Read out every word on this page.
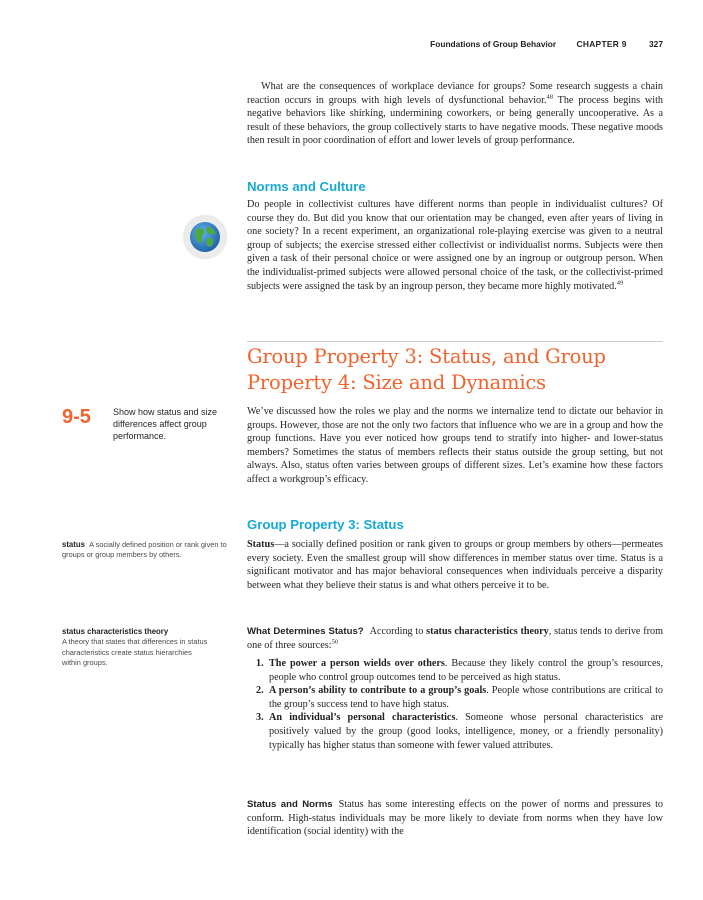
Foundations of Group Behavior CHAPTER 9	327

What are the consequences of workplace deviance for groups? Some research suggests a chain reaction occurs in groups with high levels of dysfunctional behavior.$^{48}$ The process begins with negative behaviors like shirking, undermining coworkers, or being generally uncooperative. As a result of these behaviors, the group collectively starts to have negative moods. These negative moods then result in poor coordination of effort and lower levels of group performance.

Norms and Culture

Do people in collectivist cultures have different norms than people in individualist cultures? Of course they do. But did you know that our orientation may be changed, even after years of living in one society? In a recent experiment, an organizational role-playing exercise was given to a neutral group of subjects; the exercise stressed either collectivist or individualist norms. Subjects were then given a task of their personal choice or were assigned one by an ingroup or outgroup person. When the individualist-primed subjects were allowed personal choice of the task, or the collectivist-primed subjects were assigned the task by an ingroup person, they became more highly motivated.$^{49}$

Group Property 3: Status, and Group
Property 4: Size and Dynamics
9-5 Show how status and size differences affect group performance.

We’ve discussed how the roles we play and the norms we internalize tend to dictate our behavior in groups. However, those are not the only two factors that influence who we are in a group and how the group functions. Have you ever noticed how groups tend to stratify into higher- and lower-status members? Sometimes the status of members reflects their status outside the group setting, but not always. Also, status often varies between groups of different sizes. Let’s examine how these factors affect a workgroup’s efficacy.

Group Property 3: Status

Status—a socially defined position or rank given to groups or group members by others—permeates every society. Even the smallest group will show differences in member status over time. Status is a significant motivator and has major behavioral consequences when individuals perceive a disparity between what they believe their status is and what others perceive it to be.

status A socially defined position or rank given to groups or group members by others.
status characteristics theory
A theory that states that differences in status characteristics create status hierarchies within groups.

What Determines Status? According to status characteristics theory, status tends to derive from one of three sources:$^{50}$

1. The power a person wields over others. Because they likely control the group’s resources, people who control group outcomes tend to be perceived as high status.
2. A person’s ability to contribute to a group’s goals. People whose contributions are critical to the group’s success tend to have high status.
3. An individual’s personal characteristics. Someone whose personal characteristics are positively valued by the group (good looks, intelligence, money, or a friendly personality) typically has higher status than someone with fewer valued attributes.

Status and Norms Status has some interesting effects on the power of norms and pressures to conform. High-status individuals may be more likely to deviate from norms when they have low identification (social identity) with the
